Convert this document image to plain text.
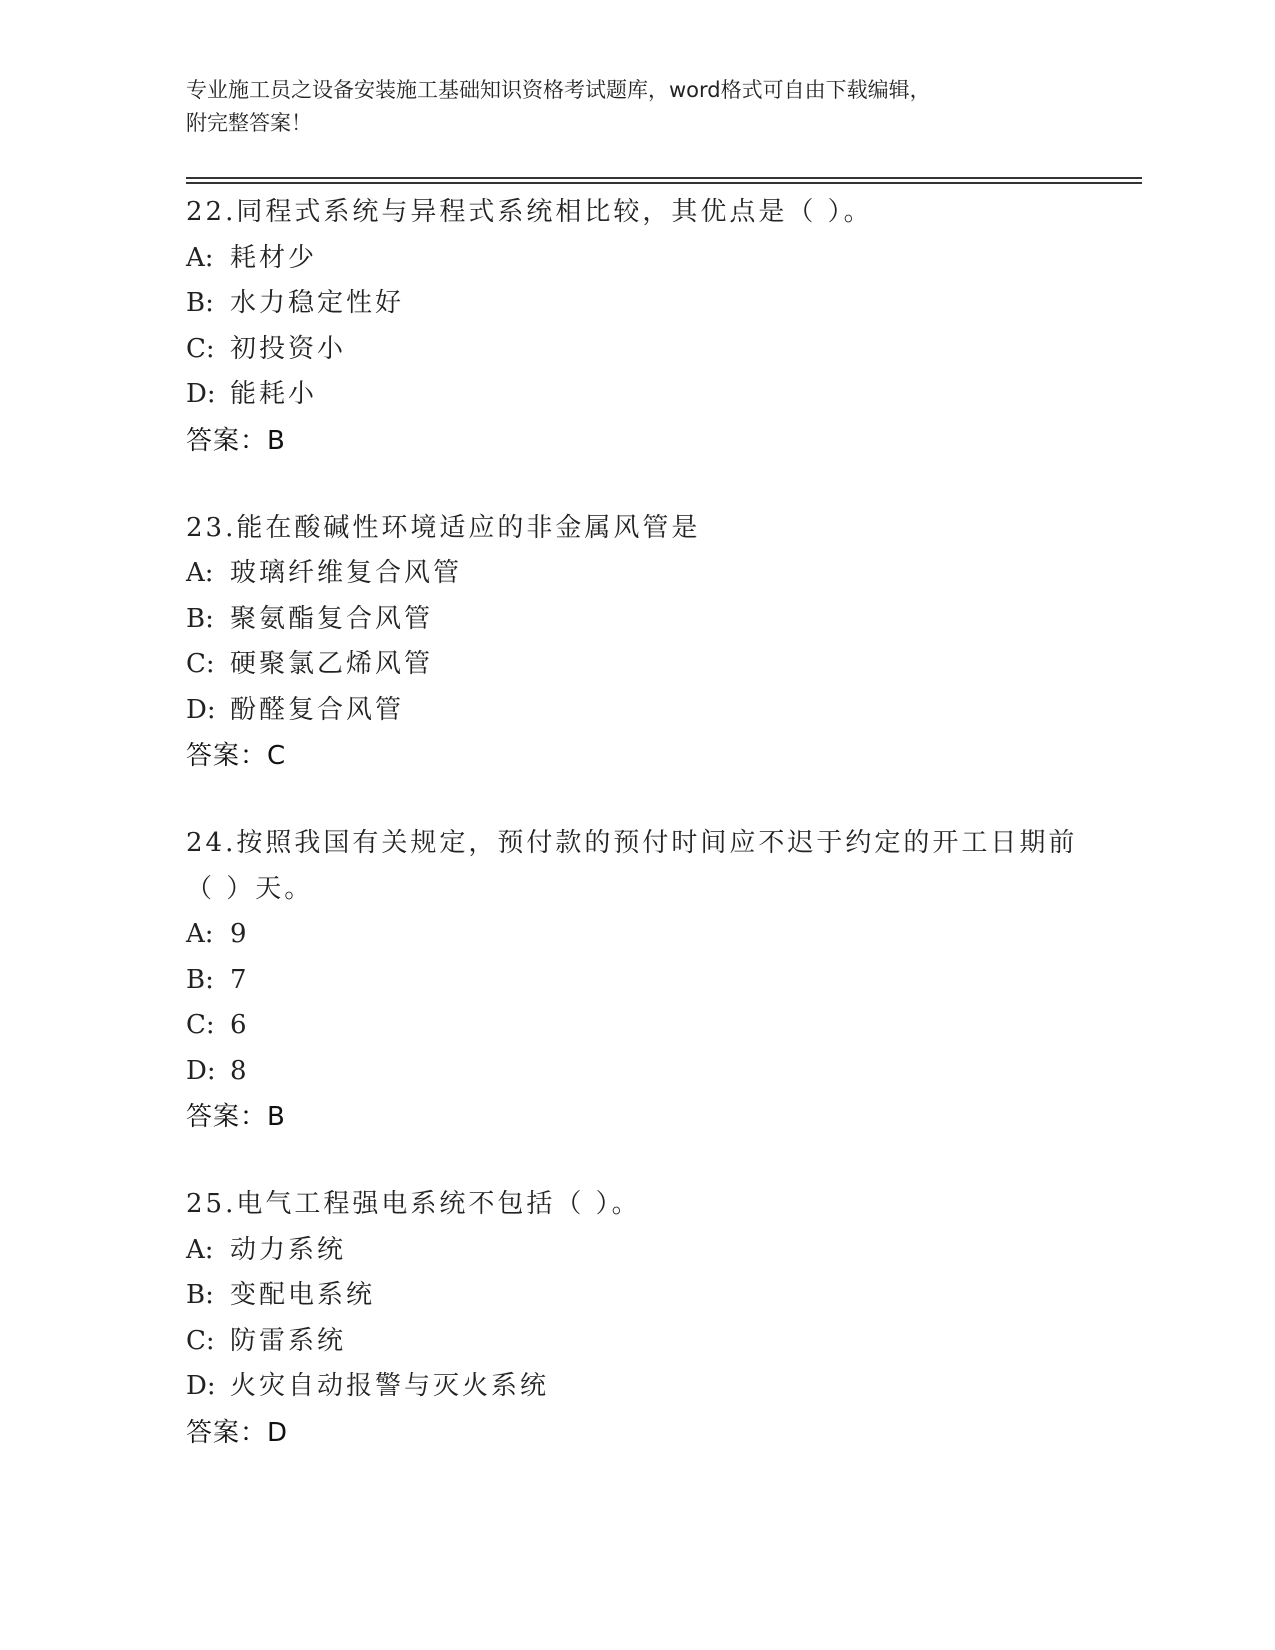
专业施工员之设备安装施工基础知识资格考试题库，word格式可自由下载编辑，
附完整答案！
22.同程式系统与异程式系统相比较，其优点是（ ）。
A: 耗材少
B: 水力稳定性好
C: 初投资小
D: 能耗小
答案：B
23.能在酸碱性环境适应的非金属风管是
A: 玻璃纤维复合风管
B: 聚氨酯复合风管
C: 硬聚氯乙烯风管
D: 酚醛复合风管
答案：C
24.按照我国有关规定，预付款的预付时间应不迟于约定的开工日期前
（ ）天。
A: 9
B: 7
C: 6
D: 8
答案：B
25.电气工程强电系统不包括（ ）。
A: 动力系统
B: 变配电系统
C: 防雷系统
D: 火灾自动报警与灭火系统
答案：D
